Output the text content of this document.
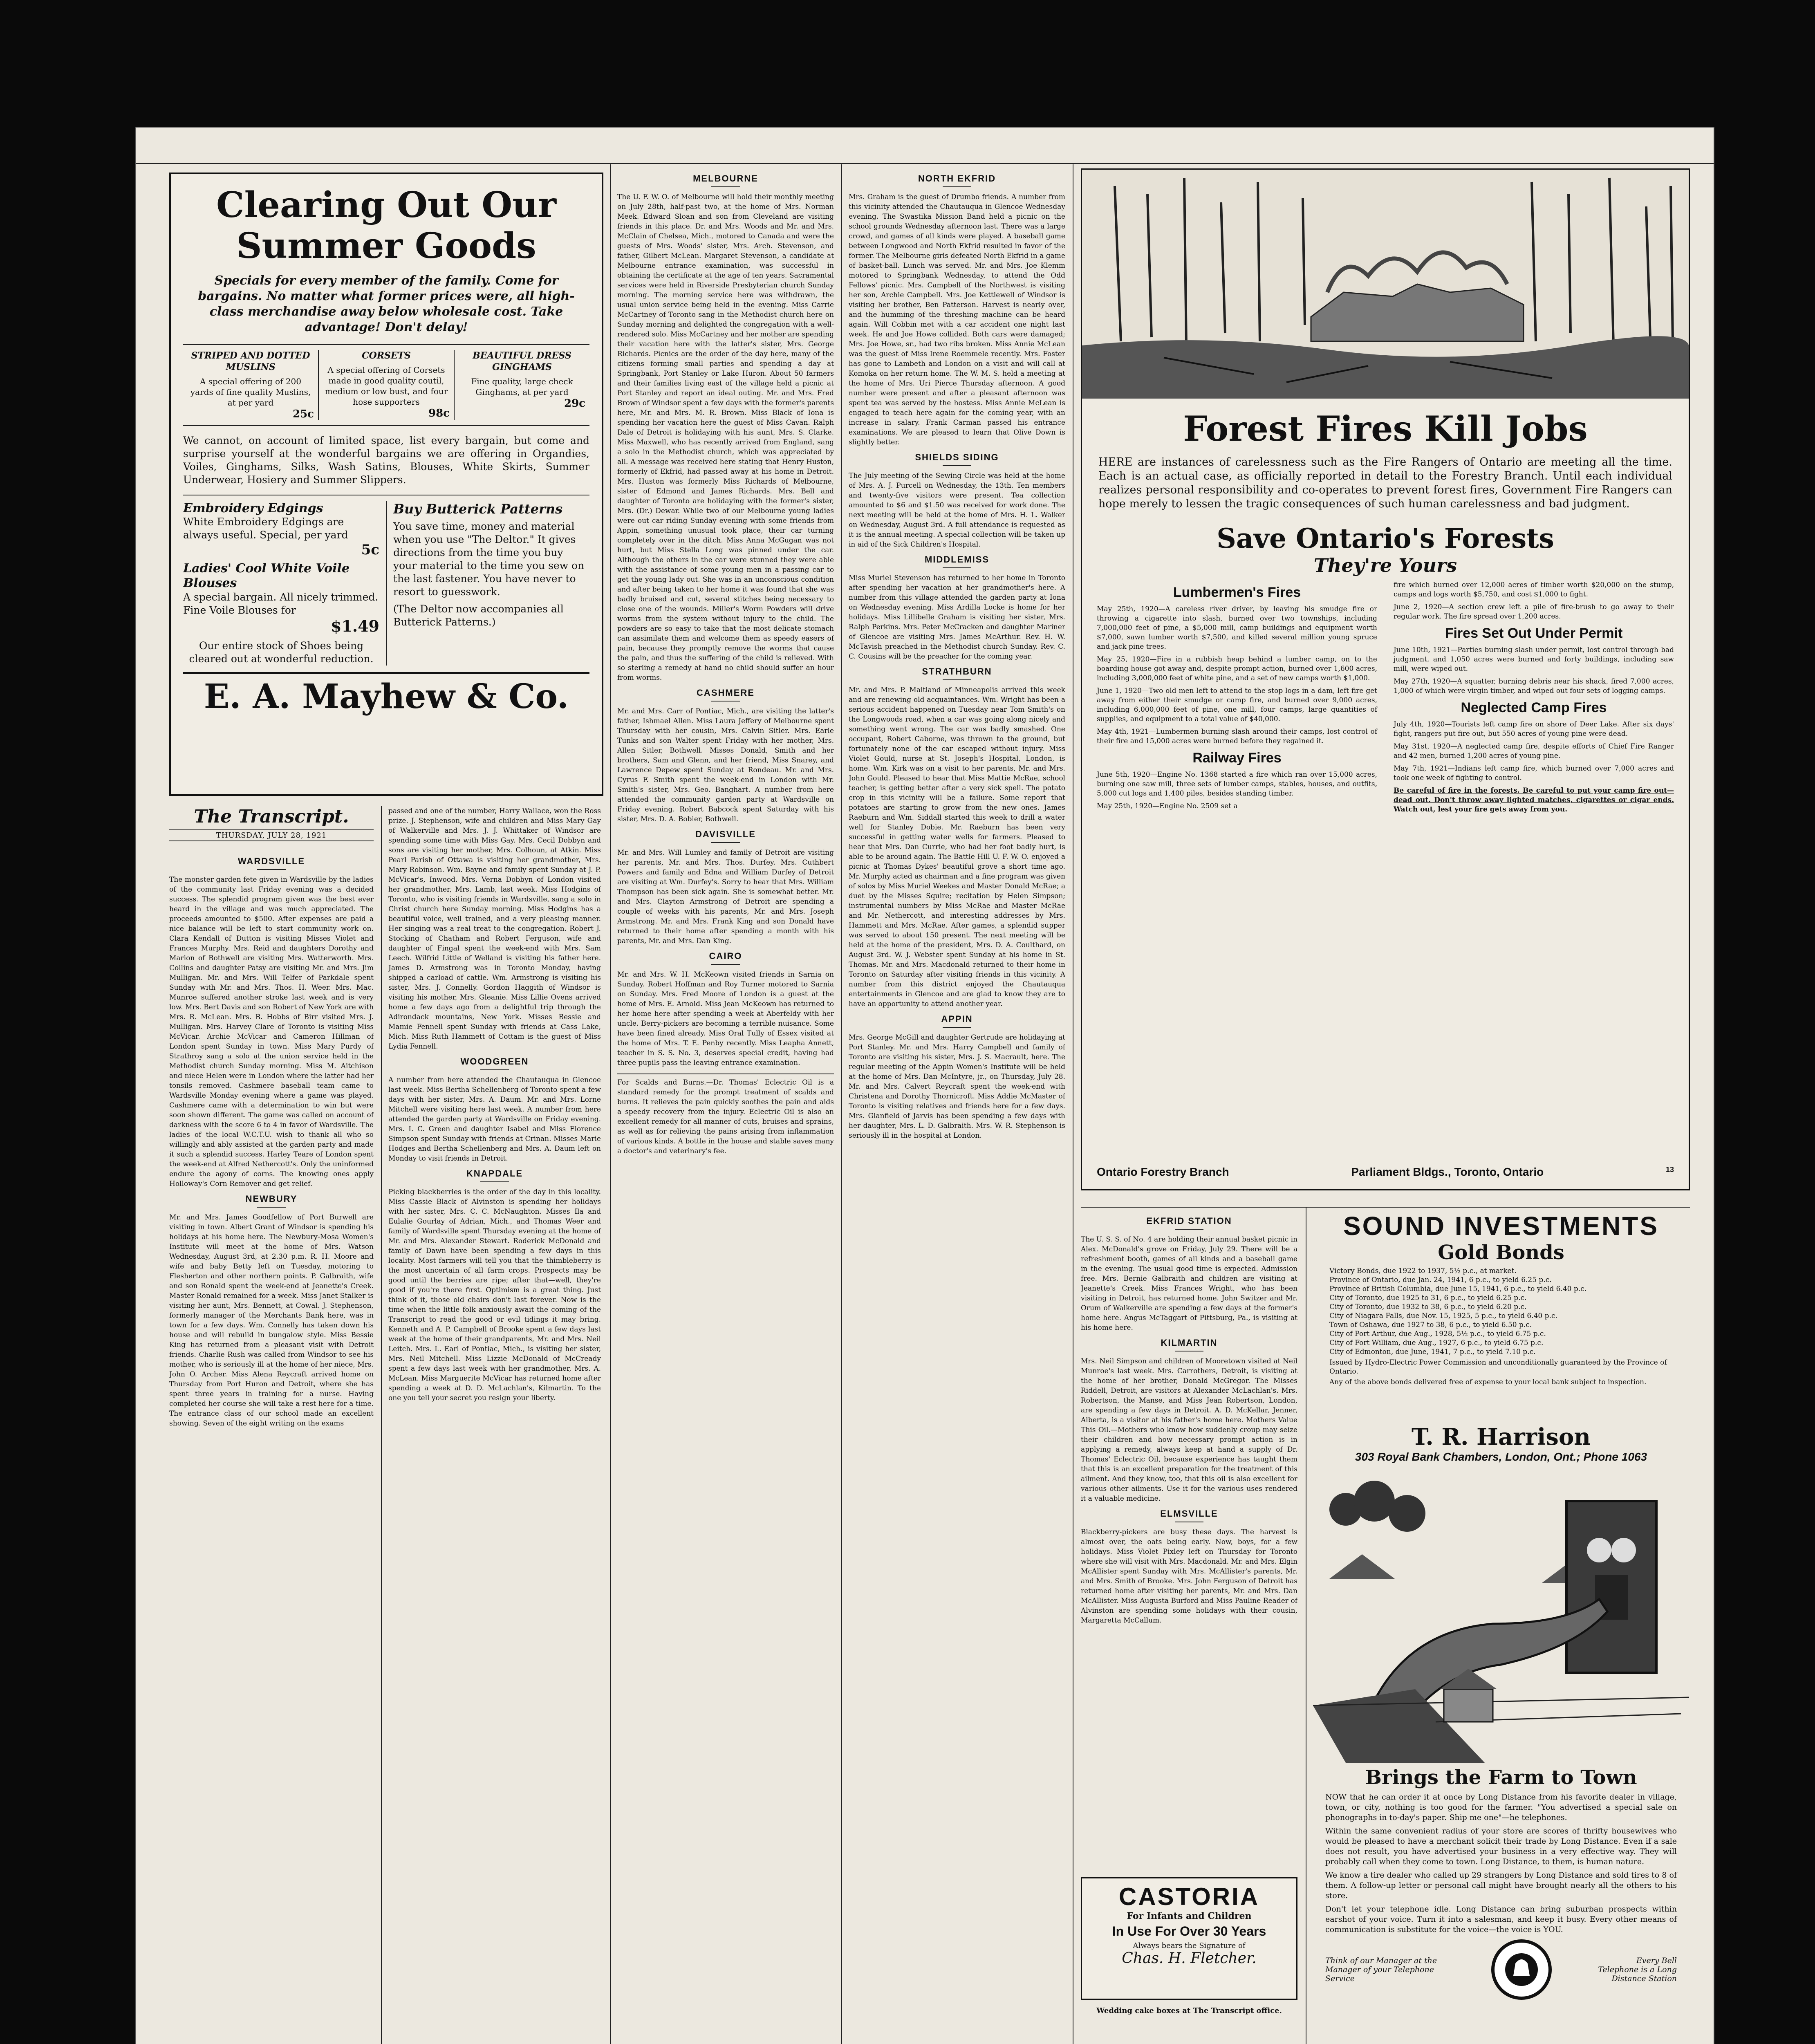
Clearing Out Our Summer Goods
Specials for every member of the family. Come for bargains. No matter what former prices were, all high-class merchandise away below wholesale cost. Take advantage! Don't delay!
STRIPED AND DOTTED MUSLINS
A special offering of 200 yards of fine quality Muslins, at per yard
25c
CORSETS
A special offering of Corsets made in good quality coutil, medium or low bust, and four hose supporters
98c
BEAUTIFUL DRESS GINGHAMS
Fine quality, large check Ginghams, at per yard
29c
We cannot, on account of limited space, list every bargain, but come and surprise yourself at the wonderful bargains we are offering in Organdies, Voiles, Ginghams, Silks, Wash Satins, Blouses, White Skirts, Summer Underwear, Hosiery and Summer Slippers.
Embroidery Edgings
White Embroidery Edgings are always useful. Special, per yard
5c
Ladies' Cool White Voile Blouses
A special bargain. All nicely trimmed. Fine Voile Blouses for
$1.49
Our entire stock of Shoes being cleared out at wonderful reduction.
Buy Butterick Patterns
You save time, money and material when you use "The Deltor." It gives directions from the time you buy your material to the time you sew on the last fastener. You have never to resort to guesswork.
(The Deltor now accompanies all Butterick Patterns.)
E. A. Mayhew & Co.
The Transcript.
THURSDAY, JULY 28, 1921
WARDSVILLE
The monster garden fete given in Wardsville by the ladies of the community last Friday evening was a decided success. The splendid program given was the best ever heard in the village and was much appreciated. The proceeds amounted to $500. After expenses are paid a nice balance will be left to start community work on. Clara Kendall of Dutton is visiting Misses Violet and Frances Murphy. Mrs. Reid and daughters Dorothy and Marion of Bothwell are visiting Mrs. Watterworth. Mrs. Collins and daughter Patsy are visiting Mr. and Mrs. Jim Mulligan. Mr. and Mrs. Will Telfer of Parkdale spent Sunday with Mr. and Mrs. Thos. H. Weer. Mrs. Mac. Munroe suffered another stroke last week and is very low. Mrs. Bert Davis and son Robert of New York are with Mrs. R. McLean. Mrs. B. Hobbs of Birr visited Mrs. J. Mulligan. Mrs. Harvey Clare of Toronto is visiting Miss McVicar. Archie McVicar and Cameron Hillman of London spent Sunday in town. Miss Mary Purdy of Strathroy sang a solo at the union service held in the Methodist church Sunday morning. Miss M. Aitchison and niece Helen were in London where the latter had her tonsils removed. Cashmere baseball team came to Wardsville Monday evening where a game was played. Cashmere came with a determination to win but were soon shown different. The game was called on account of darkness with the score 6 to 4 in favor of Wardsville. The ladies of the local W.C.T.U. wish to thank all who so willingly and ably assisted at the garden party and made it such a splendid success. Harley Teare of London spent the week-end at Alfred Nethercott's. Only the uninformed endure the agony of corns. The knowing ones apply Holloway's Corn Remover and get relief.
NEWBURY
Mr. and Mrs. James Goodfellow of Port Burwell are visiting in town. Albert Grant of Windsor is spending his holidays at his home here. The Newbury-Mosa Women's Institute will meet at the home of Mrs. Watson Wednesday, August 3rd, at 2.30 p.m. R. H. Moore and wife and baby Betty left on Tuesday, motoring to Flesherton and other northern points. P. Galbraith, wife and son Ronald spent the week-end at Jeanette's Creek. Master Ronald remained for a week. Miss Janet Stalker is visiting her aunt, Mrs. Bennett, at Cowal. J. Stephenson, formerly manager of the Merchants Bank here, was in town for a few days. Wm. Connelly has taken down his house and will rebuild in bungalow style. Miss Bessie King has returned from a pleasant visit with Detroit friends. Charlie Rush was called from Windsor to see his mother, who is seriously ill at the home of her niece, Mrs. John O. Archer. Miss Alena Reycraft arrived home on Thursday from Port Huron and Detroit, where she has spent three years in training for a nurse. Having completed her course she will take a rest here for a time. The entrance class of our school made an excellent showing. Seven of the eight writing on the exams
passed and one of the number, Harry Wallace, won the Ross prize. J. Stephenson, wife and children and Miss Mary Gay of Walkerville and Mrs. J. J. Whittaker of Windsor are spending some time with Miss Gay. Mrs. Cecil Dobbyn and sons are visiting her mother, Mrs. Colhoun, at Atkin. Miss Pearl Parish of Ottawa is visiting her grandmother, Mrs. Mary Robinson. Wm. Bayne and family spent Sunday at J. P. McVicar's, Inwood. Mrs. Verna Dobbyn of London visited her grandmother, Mrs. Lamb, last week. Miss Hodgins of Toronto, who is visiting friends in Wardsville, sang a solo in Christ church here Sunday morning. Miss Hodgins has a beautiful voice, well trained, and a very pleasing manner. Her singing was a real treat to the congregation. Robert J. Stocking of Chatham and Robert Ferguson, wife and daughter of Fingal spent the week-end with Mrs. Sam Leech. Wilfrid Little of Welland is visiting his father here. James D. Armstrong was in Toronto Monday, having shipped a carload of cattle. Wm. Armstrong is visiting his sister, Mrs. J. Connelly. Gordon Haggith of Windsor is visiting his mother, Mrs. Gleanie. Miss Lillie Ovens arrived home a few days ago from a delightful trip through the Adirondack mountains, New York. Misses Bessie and Mamie Fennell spent Sunday with friends at Cass Lake, Mich. Miss Ruth Hammett of Cottam is the guest of Miss Lydia Fennell.
WOODGREEN
A number from here attended the Chautauqua in Glencoe last week. Miss Bertha Schellenberg of Toronto spent a few days with her sister, Mrs. A. Daum. Mr. and Mrs. Lorne Mitchell were visiting here last week. A number from here attended the garden party at Wardsville on Friday evening. Mrs. I. C. Green and daughter Isabel and Miss Florence Simpson spent Sunday with friends at Crinan. Misses Marie Hodges and Bertha Schellenberg and Mrs. A. Daum left on Monday to visit friends in Detroit.
KNAPDALE
Picking blackberries is the order of the day in this locality. Miss Cassie Black of Alvinston is spending her holidays with her sister, Mrs. C. C. McNaughton. Misses Ila and Eulalie Gourlay of Adrian, Mich., and Thomas Weer and family of Wardsville spent Thursday evening at the home of Mr. and Mrs. Alexander Stewart. Roderick McDonald and family of Dawn have been spending a few days in this locality. Most farmers will tell you that the thimbleberry is the most uncertain of all farm crops. Prospects may be good until the berries are ripe; after that—well, they're good if you're there first. Optimism is a great thing. Just think of it, those old chairs don't last forever. Now is the time when the little folk anxiously await the coming of the Transcript to read the good or evil tidings it may bring. Kenneth and A. P. Campbell of Brooke spent a few days last week at the home of their grandparents, Mr. and Mrs. Neil Leitch. Mrs. L. Earl of Pontiac, Mich., is visiting her sister, Mrs. Neil Mitchell. Miss Lizzie McDonald of McCready spent a few days last week with her grandmother, Mrs. A. McLean. Miss Marguerite McVicar has returned home after spending a week at D. D. McLachlan's, Kilmartin. To the one you tell your secret you resign your liberty.
MELBOURNE
The U. F. W. O. of Melbourne will hold their monthly meeting on July 28th, half-past two, at the home of Mrs. Norman Meek. Edward Sloan and son from Cleveland are visiting friends in this place. Dr. and Mrs. Woods and Mr. and Mrs. McClain of Chelsea, Mich., motored to Canada and were the guests of Mrs. Woods' sister, Mrs. Arch. Stevenson, and father, Gilbert McLean. Margaret Stevenson, a candidate at Melbourne entrance examination, was successful in obtaining the certificate at the age of ten years. Sacramental services were held in Riverside Presbyterian church Sunday morning. The morning service here was withdrawn, the usual union service being held in the evening. Miss Carrie McCartney of Toronto sang in the Methodist church here on Sunday morning and delighted the congregation with a well-rendered solo. Miss McCartney and her mother are spending their vacation here with the latter's sister, Mrs. George Richards. Picnics are the order of the day here, many of the citizens forming small parties and spending a day at Springbank, Port Stanley or Lake Huron. About 50 farmers and their families living east of the village held a picnic at Port Stanley and report an ideal outing. Mr. and Mrs. Fred Brown of Windsor spent a few days with the former's parents here, Mr. and Mrs. M. R. Brown. Miss Black of Iona is spending her vacation here the guest of Miss Cavan. Ralph Dale of Detroit is holidaying with his aunt, Mrs. S. Clarke. Miss Maxwell, who has recently arrived from England, sang a solo in the Methodist church, which was appreciated by all. A message was received here stating that Henry Huston, formerly of Ekfrid, had passed away at his home in Detroit. Mrs. Huston was formerly Miss Richards of Melbourne, sister of Edmond and James Richards. Mrs. Bell and daughter of Toronto are holidaying with the former's sister, Mrs. (Dr.) Dewar. While two of our Melbourne young ladies were out car riding Sunday evening with some friends from Appin, something unusual took place, their car turning completely over in the ditch. Miss Anna McGugan was not hurt, but Miss Stella Long was pinned under the car. Although the others in the car were stunned they were able with the assistance of some young men in a passing car to get the young lady out. She was in an unconscious condition and after being taken to her home it was found that she was badly bruised and cut, several stitches being necessary to close one of the wounds. Miller's Worm Powders will drive worms from the system without injury to the child. The powders are so easy to take that the most delicate stomach can assimilate them and welcome them as speedy easers of pain, because they promptly remove the worms that cause the pain, and thus the suffering of the child is relieved. With so sterling a remedy at hand no child should suffer an hour from worms.
CASHMERE
Mr. and Mrs. Carr of Pontiac, Mich., are visiting the latter's father, Ishmael Allen. Miss Laura Jeffery of Melbourne spent Thursday with her cousin, Mrs. Calvin Sitler. Mrs. Earle Tunks and son Walter spent Friday with her mother, Mrs. Allen Sitler, Bothwell. Misses Donald, Smith and her brothers, Sam and Glenn, and her friend, Miss Snarey, and Lawrence Depew spent Sunday at Rondeau. Mr. and Mrs. Cyrus F. Smith spent the week-end in London with Mr. Smith's sister, Mrs. Geo. Banghart. A number from here attended the community garden party at Wardsville on Friday evening. Robert Babcock spent Saturday with his sister, Mrs. D. A. Bobier, Bothwell.
DAVISVILLE
Mr. and Mrs. Will Lumley and family of Detroit are visiting her parents, Mr. and Mrs. Thos. Durfey. Mrs. Cuthbert Powers and family and Edna and William Durfey of Detroit are visiting at Wm. Durfey's. Sorry to hear that Mrs. William Thompson has been sick again. She is somewhat better. Mr. and Mrs. Clayton Armstrong of Detroit are spending a couple of weeks with his parents, Mr. and Mrs. Joseph Armstrong. Mr. and Mrs. Frank King and son Donald have returned to their home after spending a month with his parents, Mr. and Mrs. Dan King.
CAIRO
Mr. and Mrs. W. H. McKeown visited friends in Sarnia on Sunday. Robert Hoffman and Roy Turner motored to Sarnia on Sunday. Mrs. Fred Moore of London is a guest at the home of Mrs. E. Arnold. Miss Jean McKeown has returned to her home here after spending a week at Aberfeldy with her uncle. Berry-pickers are becoming a terrible nuisance. Some have been fined already. Miss Oral Tully of Essex visited at the home of Mrs. T. E. Penby recently. Miss Leapha Annett, teacher in S. S. No. 3, deserves special credit, having had three pupils pass the leaving entrance examination.
For Scalds and Burns.—Dr. Thomas' Eclectric Oil is a standard remedy for the prompt treatment of scalds and burns. It relieves the pain quickly soothes the pain and aids a speedy recovery from the injury. Eclectric Oil is also an excellent remedy for all manner of cuts, bruises and sprains, as well as for relieving the pains arising from inflammation of various kinds. A bottle in the house and stable saves many a doctor's and veterinary's fee.
NORTH EKFRID
Mrs. Graham is the guest of Drumbo friends. A number from this vicinity attended the Chautauqua in Glencoe Wednesday evening. The Swastika Mission Band held a picnic on the school grounds Wednesday afternoon last. There was a large crowd, and games of all kinds were played. A baseball game between Longwood and North Ekfrid resulted in favor of the former. The Melbourne girls defeated North Ekfrid in a game of basket-ball. Lunch was served. Mr. and Mrs. Joe Klemm motored to Springbank Wednesday, to attend the Odd Fellows' picnic. Mrs. Campbell of the Northwest is visiting her son, Archie Campbell. Mrs. Joe Kettlewell of Windsor is visiting her brother, Ben Patterson. Harvest is nearly over, and the humming of the threshing machine can be heard again. Will Cobbin met with a car accident one night last week. He and Joe Howe collided. Both cars were damaged; Mrs. Joe Howe, sr., had two ribs broken. Miss Annie McLean was the guest of Miss Irene Roemmele recently. Mrs. Foster has gone to Lambeth and London on a visit and will call at Komoka on her return home. The W. M. S. held a meeting at the home of Mrs. Uri Pierce Thursday afternoon. A good number were present and after a pleasant afternoon was spent tea was served by the hostess. Miss Annie McLean is engaged to teach here again for the coming year, with an increase in salary. Frank Carman passed his entrance examinations. We are pleased to learn that Olive Down is slightly better.
SHIELDS SIDING
The July meeting of the Sewing Circle was held at the home of Mrs. A. J. Purcell on Wednesday, the 13th. Ten members and twenty-five visitors were present. Tea collection amounted to $6 and $1.50 was received for work done. The next meeting will be held at the home of Mrs. H. L. Walker on Wednesday, August 3rd. A full attendance is requested as it is the annual meeting. A special collection will be taken up in aid of the Sick Children's Hospital.
MIDDLEMISS
Miss Muriel Stevenson has returned to her home in Toronto after spending her vacation at her grandmother's here. A number from this village attended the garden party at Iona on Wednesday evening. Miss Ardilla Locke is home for her holidays. Miss Lillibelle Graham is visiting her sister, Mrs. Ralph Perkins. Mrs. Peter McCracken and daughter Mariner of Glencoe are visiting Mrs. James McArthur. Rev. H. W. McTavish preached in the Methodist church Sunday. Rev. C. C. Cousins will be the preacher for the coming year.
STRATHBURN
Mr. and Mrs. P. Maitland of Minneapolis arrived this week and are renewing old acquaintances. Wm. Wright has been a serious accident happened on Tuesday near Tom Smith's on the Longwoods road, when a car was going along nicely and something went wrong. The car was badly smashed. One occupant, Robert Caborne, was thrown to the ground, but fortunately none of the car escaped without injury. Miss Violet Gould, nurse at St. Joseph's Hospital, London, is home. Wm. Kirk was on a visit to her parents, Mr. and Mrs. John Gould. Pleased to hear that Miss Mattie McRae, school teacher, is getting better after a very sick spell. The potato crop in this vicinity will be a failure. Some report that potatoes are starting to grow from the new ones. James Raeburn and Wm. Siddall started this week to drill a water well for Stanley Dobie. Mr. Raeburn has been very successful in getting water wells for farmers. Pleased to hear that Mrs. Dan Currie, who had her foot badly hurt, is able to be around again. The Battle Hill U. F. W. O. enjoyed a picnic at Thomas Dykes' beautiful grove a short time ago. Mr. Murphy acted as chairman and a fine program was given of solos by Miss Muriel Weekes and Master Donald McRae; a duet by the Misses Squire; recitation by Helen Simpson; instrumental numbers by Miss McRae and Master McRae and Mr. Nethercott, and interesting addresses by Mrs. Hammett and Mrs. McRae. After games, a splendid supper was served to about 150 present. The next meeting will be held at the home of the president, Mrs. D. A. Coulthard, on August 3rd. W. J. Webster spent Sunday at his home in St. Thomas. Mr. and Mrs. Macdonald returned to their home in Toronto on Saturday after visiting friends in this vicinity. A number from this district enjoyed the Chautauqua entertainments in Glencoe and are glad to know they are to have an opportunity to attend another year.
APPIN
Mrs. George McGill and daughter Gertrude are holidaying at Port Stanley. Mr. and Mrs. Harry Campbell and family of Toronto are visiting his sister, Mrs. J. S. Macrault, here. The regular meeting of the Appin Women's Institute will be held at the home of Mrs. Dan McIntyre, jr., on Thursday, July 28. Mr. and Mrs. Calvert Reycraft spent the week-end with Christena and Dorothy Thornicroft. Miss Addie McMaster of Toronto is visiting relatives and friends here for a few days. Mrs. Glanfield of Jarvis has been spending a few days with her daughter, Mrs. L. D. Galbraith. Mrs. W. R. Stephenson is seriously ill in the hospital at London.
Forest Fires Kill Jobs
HERE are instances of carelessness such as the Fire Rangers of Ontario are meeting all the time. Each is an actual case, as officially reported in detail to the Forestry Branch. Until each individual realizes personal responsibility and co-operates to prevent forest fires, Government Fire Rangers can hope merely to lessen the tragic consequences of such human carelessness and bad judgment.
Save Ontario's Forests
They're Yours
Lumbermen's Fires
May 25th, 1920—A careless river driver, by leaving his smudge fire or throwing a cigarette into slash, burned over two townships, including 7,000,000 feet of pine, a $5,000 mill, camp buildings and equipment worth $7,000, sawn lumber worth $7,500, and killed several million young spruce and jack pine trees.
May 25, 1920—Fire in a rubbish heap behind a lumber camp, on to the boarding house got away and, despite prompt action, burned over 1,600 acres, including 3,000,000 feet of white pine, and a set of new camps worth $1,000.
June 1, 1920—Two old men left to attend to the stop logs in a dam, left fire get away from either their smudge or camp fire, and burned over 9,000 acres, including 6,000,000 feet of pine, one mill, four camps, large quantities of supplies, and equipment to a total value of $40,000.
May 4th, 1921—Lumbermen burning slash around their camps, lost control of their fire and 15,000 acres were burned before they regained it.
Railway Fires
June 5th, 1920—Engine No. 1368 started a fire which ran over 15,000 acres, burning one saw mill, three sets of lumber camps, stables, houses, and outfits, 5,000 cut logs and 1,400 piles, besides standing timber.
May 25th, 1920—Engine No. 2509 set a
fire which burned over 12,000 acres of timber worth $20,000 on the stump, camps and logs worth $5,750, and cost $1,000 to fight.
June 2, 1920—A section crew left a pile of fire-brush to go away to their regular work. The fire spread over 1,200 acres.
Fires Set Out Under Permit
June 10th, 1921—Parties burning slash under permit, lost control through bad judgment, and 1,050 acres were burned and forty buildings, including saw mill, were wiped out.
May 27th, 1920—A squatter, burning debris near his shack, fired 7,000 acres, 1,000 of which were virgin timber, and wiped out four sets of logging camps.
Neglected Camp Fires
July 4th, 1920—Tourists left camp fire on shore of Deer Lake. After six days' fight, rangers put fire out, but 550 acres of young pine were dead.
May 31st, 1920—A neglected camp fire, despite efforts of Chief Fire Ranger and 42 men, burned 1,200 acres of young pine.
May 7th, 1921—Indians left camp fire, which burned over 7,000 acres and took one week of fighting to control.
Be careful of fire in the forests. Be careful to put your camp fire out—dead out. Don't throw away lighted matches, cigarettes or cigar ends. Watch out, lest your fire gets away from you.
Ontario Forestry Branch	Parliament Bldgs., Toronto, Ontario	13
EKFRID STATION
The U. S. S. of No. 4 are holding their annual basket picnic in Alex. McDonald's grove on Friday, July 29. There will be a refreshment booth, games of all kinds and a baseball game in the evening. The usual good time is expected. Admission free. Mrs. Bernie Galbraith and children are visiting at Jeanette's Creek. Miss Frances Wright, who has been visiting in Detroit, has returned home. John Switzer and Mr. Orum of Walkerville are spending a few days at the former's home here. Angus McTaggart of Pittsburg, Pa., is visiting at his home here.
KILMARTIN
Mrs. Neil Simpson and children of Mooretown visited at Neil Munroe's last week. Mrs. Carrothers, Detroit, is visiting at the home of her brother, Donald McGregor. The Misses Riddell, Detroit, are visitors at Alexander McLachlan's. Mrs. Robertson, the Manse, and Miss Jean Robertson, London, are spending a few days in Detroit. A. D. McKellar, Jenner, Alberta, is a visitor at his father's home here. Mothers Value This Oil.—Mothers who know how suddenly croup may seize their children and how necessary prompt action is in applying a remedy, always keep at hand a supply of Dr. Thomas' Eclectric Oil, because experience has taught them that this is an excellent preparation for the treatment of this ailment. And they know, too, that this oil is also excellent for various other ailments. Use it for the various uses rendered it a valuable medicine.
ELMSVILLE
Blackberry-pickers are busy these days. The harvest is almost over, the oats being early. Now, boys, for a few holidays. Miss Violet Pixley left on Thursday for Toronto where she will visit with Mrs. Macdonald. Mr. and Mrs. Elgin McAllister spent Sunday with Mrs. McAllister's parents, Mr. and Mrs. Smith of Brooke. Mrs. John Ferguson of Detroit has returned home after visiting her parents, Mr. and Mrs. Dan McAllister. Miss Augusta Burford and Miss Pauline Reader of Alvinston are spending some holidays with their cousin, Margaretta McCallum.
CASTORIA
For Infants and Children
In Use For Over 30 Years
Always bears the Signature of
Chas. H. Fletcher.
Wedding cake boxes at The Transcript office.
SOUND INVESTMENTS
Gold Bonds
Victory Bonds, due 1922 to 1937, 5½ p.c., at market.
Province of Ontario, due Jan. 24, 1941, 6 p.c., to yield 6.25 p.c.
Province of British Columbia, due June 15, 1941, 6 p.c., to yield 6.40 p.c.
City of Toronto, due 1925 to 31, 6 p.c., to yield 6.25 p.c.
City of Toronto, due 1932 to 38, 6 p.c., to yield 6.20 p.c.
City of Niagara Falls, due Nov. 15, 1925, 5 p.c., to yield 6.40 p.c.
Town of Oshawa, due 1927 to 38, 6 p.c., to yield 6.50 p.c.
City of Port Arthur, due Aug., 1928, 5½ p.c., to yield 6.75 p.c.
City of Fort William, due Aug., 1927, 6 p.c., to yield 6.75 p.c.
City of Edmonton, due June, 1941, 7 p.c., to yield 7.10 p.c.
Issued by Hydro-Electric Power Commission and unconditionally guaranteed by the Province of Ontario.
Any of the above bonds delivered free of expense to your local bank subject to inspection.
T. R. Harrison
303 Royal Bank Chambers, London, Ont.; Phone 1063
Brings the Farm to Town

NOW that he can order it at once by Long Distance from his favorite dealer in village, town, or city, nothing is too good for the farmer. "You advertised a special sale on phonographs in to-day's paper. Ship me one"—he telephones.

Within the same convenient radius of your store are scores of thrifty housewives who would be pleased to have a merchant solicit their trade by Long Distance. Even if a sale does not result, you have advertised your business in a very effective way. They will probably call when they come to town. Long Distance, to them, is human nature.

We know a tire dealer who called up 29 strangers by Long Distance and sold tires to 8 of them. A follow-up letter or personal call might have brought nearly all the others to his store.

Don't let your telephone idle. Long Distance can bring suburban prospects within earshot of your voice. Turn it into a salesman, and keep it busy. Every other means of communication is substitute for the voice—the voice is YOU.

Think of our Manager at the Manager of your Telephone Service
Every Bell Telephone is a Long Distance Station
